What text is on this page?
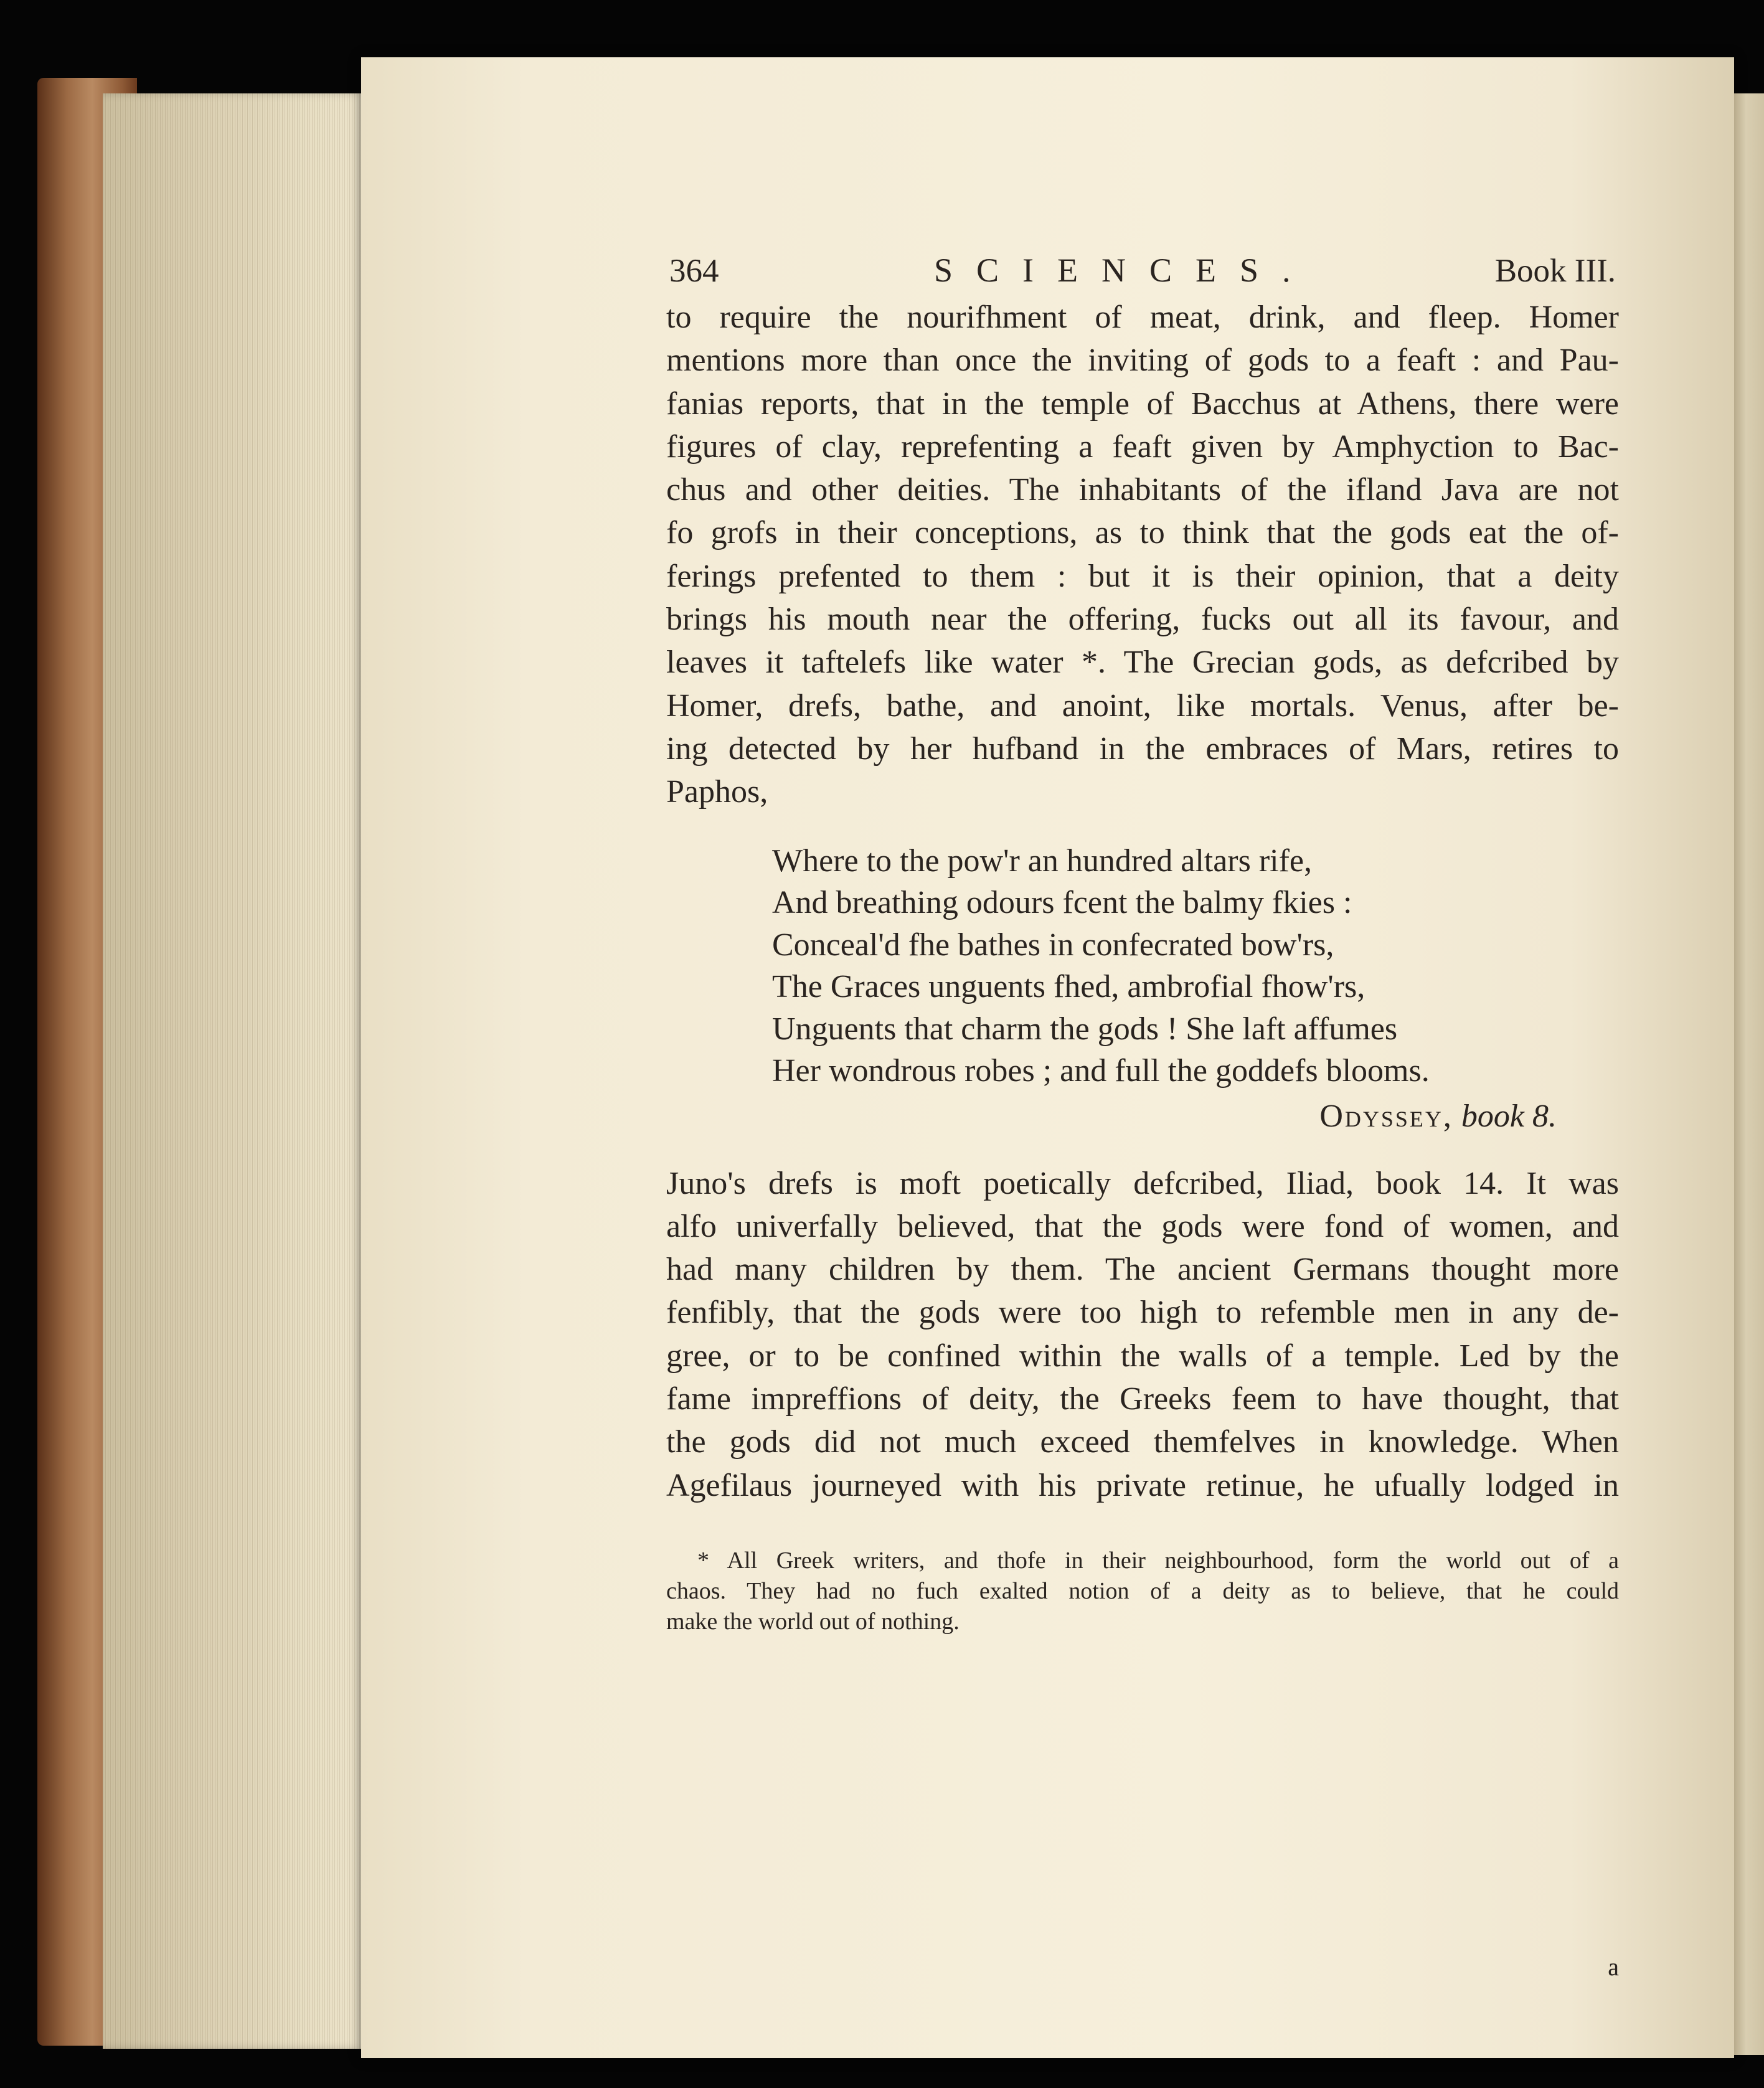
364	SCIENCES.	Book III.

to require the nourifhment of meat, drink, and fleep. Homer
mentions more than once the inviting of gods to a feaft : and Pau-
fanias reports, that in the temple of Bacchus at Athens, there were
figures of clay, reprefenting a feaft given by Amphyction to Bac-
chus and other deities. The inhabitants of the ifland Java are not
fo grofs in their conceptions, as to think that the gods eat the of-
ferings prefented to them : but it is their opinion, that a deity
brings his mouth near the offering, fucks out all its favour, and
leaves it taftelefs like water *. The Grecian gods, as defcribed by
Homer, drefs, bathe, and anoint, like mortals. Venus, after be-
ing detected by her hufband in the embraces of Mars, retires to
Paphos,

Where to the pow'r an hundred altars rife,
And breathing odours fcent the balmy fkies :
Conceal'd fhe bathes in confecrated bow'rs,
The Graces unguents fhed, ambrofial fhow'rs,
Unguents that charm the gods ! She laft affumes
Her wondrous robes ; and full the goddefs blooms.
Odyssey, book 8.

Juno's drefs is moft poetically defcribed, Iliad, book 14. It was
alfo univerfally believed, that the gods were fond of women, and
had many children by them. The ancient Germans thought more
fenfibly, that the gods were too high to refemble men in any de-
gree, or to be confined within the walls of a temple. Led by the
fame impreffions of deity, the Greeks feem to have thought, that
the gods did not much exceed themfelves in knowledge. When
Agefilaus journeyed with his private retinue, he ufually lodged in

* All Greek writers, and thofe in their neighbourhood, form the world out of a
chaos. They had no fuch exalted notion of a deity as to believe, that he could
make the world out of nothing.
a
